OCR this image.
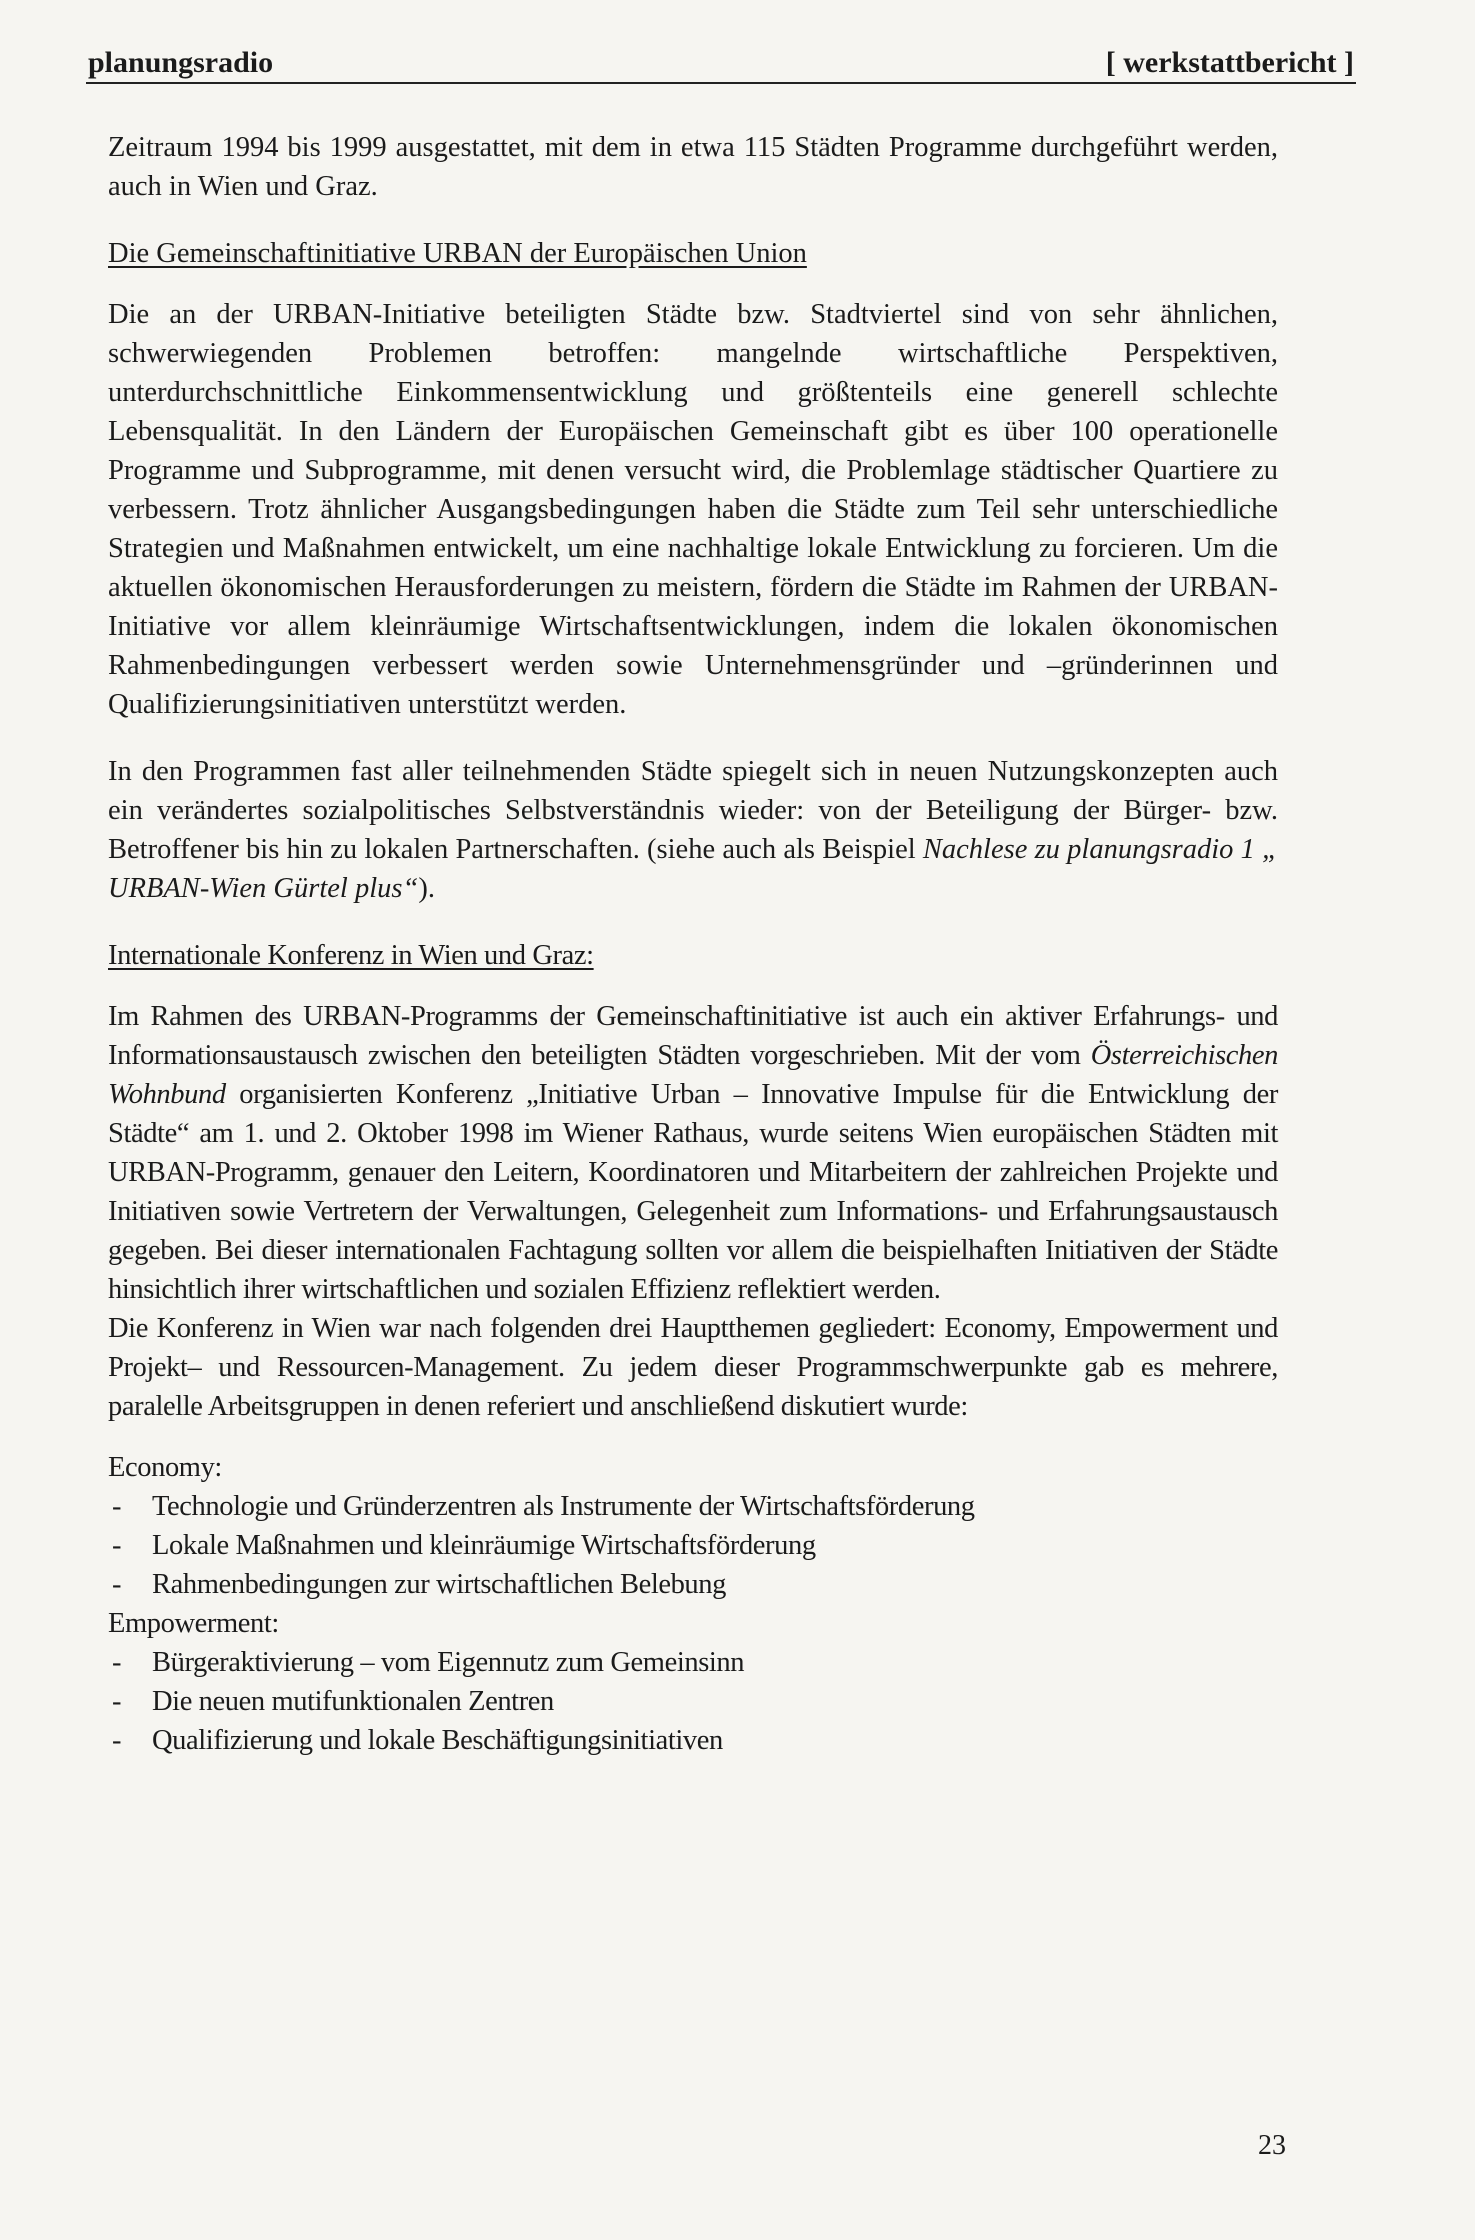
planungsradio	[ werkstattbericht ]

Zeitraum 1994 bis 1999 ausgestattet, mit dem in etwa 115 Städten Programme durchgeführt werden, auch in Wien und Graz.

Die Gemeinschaftinitiative URBAN der Europäischen Union

Die an der URBAN-Initiative beteiligten Städte bzw. Stadtviertel sind von sehr ähnlichen, schwerwiegenden Problemen betroffen: mangelnde wirtschaftliche Perspektiven, unterdurchschnittliche Einkommensentwicklung und größtenteils eine generell schlechte Lebensqualität. In den Ländern der Europäischen Gemeinschaft gibt es über 100 operationelle Programme und Subprogramme, mit denen versucht wird, die Problemlage städtischer Quartiere zu verbessern. Trotz ähnlicher Ausgangsbedingungen haben die Städte zum Teil sehr unterschiedliche Strategien und Maßnahmen entwickelt, um eine nachhaltige lokale Entwicklung zu forcieren. Um die aktuellen ökonomischen Herausforderungen zu meistern, fördern die Städte im Rahmen der URBAN-Initiative vor allem kleinräumige Wirtschaftsentwicklungen, indem die lokalen ökonomischen Rahmenbedingungen verbessert werden sowie Unternehmensgründer und –gründerinnen und Qualifizierungsinitiativen unterstützt werden.

In den Programmen fast aller teilnehmenden Städte spiegelt sich in neuen Nutzungskonzepten auch ein verändertes sozialpolitisches Selbstverständnis wieder: von der Beteiligung der Bürger- bzw. Betroffener bis hin zu lokalen Partnerschaften. (siehe auch als Beispiel Nachlese zu planungsradio 1 „ URBAN-Wien Gürtel plus“).

Internationale Konferenz in Wien und Graz:

Im Rahmen des URBAN-Programms der Gemeinschaftinitiative ist auch ein aktiver Erfahrungs- und Informationsaustausch zwischen den beteiligten Städten vorgeschrieben. Mit der vom Österreichischen Wohnbund organisierten Konferenz „Initiative Urban – Innovative Impulse für die Entwicklung der Städte“ am 1. und 2. Oktober 1998 im Wiener Rathaus, wurde seitens Wien europäischen Städten mit URBAN-Programm, genauer den Leitern, Koordinatoren und Mitarbeitern der zahlreichen Projekte und Initiativen sowie Vertretern der Verwaltungen, Gelegenheit zum Informations- und Erfahrungsaustausch gegeben. Bei dieser internationalen Fachtagung sollten vor allem die beispielhaften Initiativen der Städte hinsichtlich ihrer wirtschaftlichen und sozialen Effizienz reflektiert werden.

Die Konferenz in Wien war nach folgenden drei Hauptthemen gegliedert: Economy, Empowerment und Projekt– und Ressourcen-Management. Zu jedem dieser Programmschwerpunkte gab es mehrere, paralelle Arbeitsgruppen in denen referiert und anschließend diskutiert wurde:

Economy:
- Technologie und Gründerzentren als Instrumente der Wirtschaftsförderung
- Lokale Maßnahmen und kleinräumige Wirtschaftsförderung
- Rahmenbedingungen zur wirtschaftlichen Belebung
Empowerment:
- Bürgeraktivierung – vom Eigennutz zum Gemeinsinn
- Die neuen mutifunktionalen Zentren
- Qualifizierung und lokale Beschäftigungsinitiativen
23
